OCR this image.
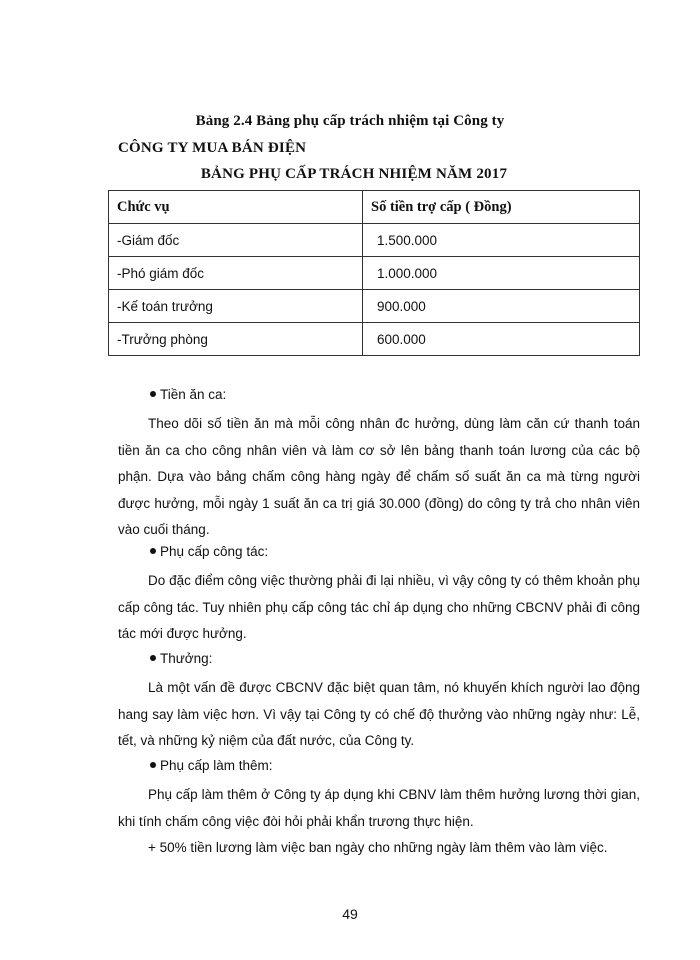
Bảng 2.4 Bảng phụ cấp trách nhiệm tại Công ty
CÔNG TY MUA BÁN ĐIỆN
BẢNG PHỤ CẤP TRÁCH NHIỆM NĂM 2017
Chức vụ	Số tiền trợ cấp ( Đồng)
-Giám đốc	1.500.000
-Phó giám đốc	1.000.000
-Kế toán trưởng	900.000
-Trưởng phòng	600.000
Tiền ăn ca:

Theo dõi số tiền ăn mà mỗi công nhân đc hưởng, dùng làm căn cứ thanh toán tiền ăn ca cho công nhân viên và làm cơ sở lên bảng thanh toán lương của các bộ phận. Dựa vào bảng chấm công hàng ngày để chấm số suất ăn ca mà từng người được hưởng, mỗi ngày 1 suất ăn ca trị giá 30.000 (đồng) do công ty trả cho nhân viên vào cuối tháng.

Phụ cấp công tác:

Do đặc điểm công việc thường phải đi lại nhiều, vì vậy công ty có thêm khoản phụ cấp công tác. Tuy nhiên phụ cấp công tác chỉ áp dụng cho những CBCNV phải đi công tác mới được hưởng.

Thưởng:

Là một vấn đề được CBCNV đặc biệt quan tâm, nó khuyến khích người lao động hang say làm việc hơn. Vì vậy tại Công ty có chế độ thưởng vào những ngày như: Lễ, tết, và những kỷ niệm của đất nước, của Công ty.

Phụ cấp làm thêm:

Phụ cấp làm thêm ở Công ty áp dụng khi CBNV làm thêm hưởng lương thời gian, khi tính chấm công việc đòi hỏi phải khẩn trương thực hiện.

+ 50% tiền lương làm việc ban ngày cho những ngày làm thêm vào làm việc.

49
